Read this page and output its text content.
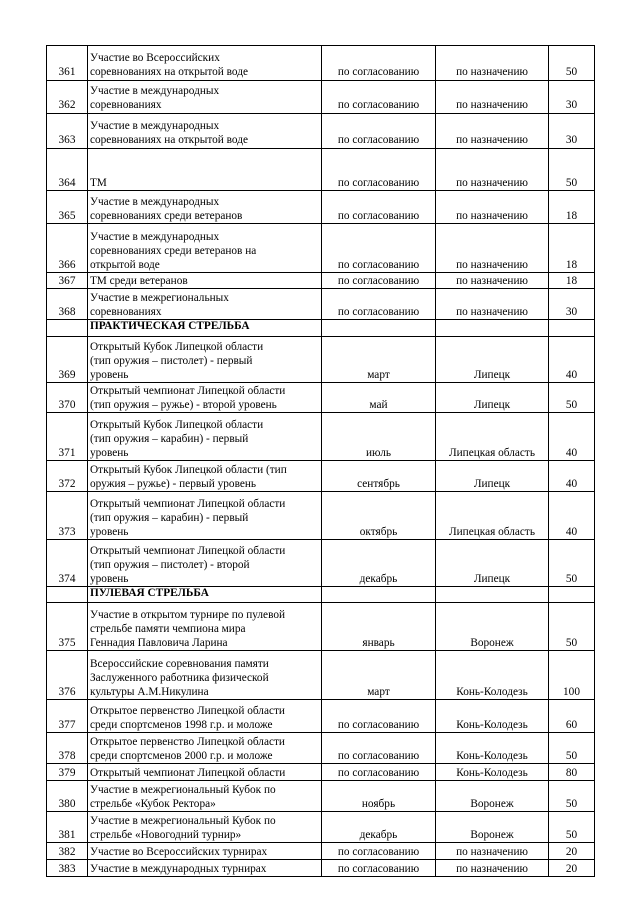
361	Участие во Всероссийских
соревнованиях на открытой воде	по согласованию	по назначению	50
362	Участие в международных
соревнованиях	по согласованию	по назначению	30
363	Участие в международных
соревнованиях на открытой воде	по согласованию	по назначению	30
364	

ТМ	по согласованию	по назначению	50
365	Участие в международных
соревнованиях среди ветеранов	по согласованию	по назначению	18
366	Участие в международных
соревнованиях среди ветеранов на
открытой воде	по согласованию	по назначению	18
367	ТМ среди ветеранов	по согласованию	по назначению	18
368	Участие в межрегиональных
соревнованиях	по согласованию	по назначению	30
	ПРАКТИЧЕСКАЯ СТРЕЛЬБА			
369	Открытый Кубок Липецкой области
(тип оружия – пистолет) - первый
уровень	март	Липецк	40
370	Открытый чемпионат Липецкой области
(тип оружия – ружье) - второй уровень	май	Липецк	50
371	Открытый Кубок Липецкой области
(тип оружия – карабин) - первый
уровень	июль	Липецкая область	40
372	Открытый Кубок Липецкой области (тип
оружия – ружье) - первый уровень	сентябрь	Липецк	40
373	Открытый чемпионат Липецкой области
(тип оружия – карабин) - первый
уровень	октябрь	Липецкая область	40
374	Открытый чемпионат Липецкой области
(тип оружия – пистолет) - второй
уровень	декабрь	Липецк	50
	ПУЛЕВАЯ СТРЕЛЬБА			
375	Участие в открытом турнире по пулевой
стрельбе памяти чемпиона мира
Геннадия Павловича Ларина	январь	Воронеж	50
376	Всероссийские соревнования памяти
Заслуженного работника физической
культуры А.М.Никулина	март	Конь-Колодезь	100
377	Открытое первенство Липецкой области
среди спортсменов 1998 г.р. и моложе	по согласованию	Конь-Колодезь	60
378	Открытое первенство Липецкой области
среди спортсменов 2000 г.р. и моложе	по согласованию	Конь-Колодезь	50
379	Открытый чемпионат Липецкой области	по согласованию	Конь-Колодезь	80
380	Участие в межрегиональный Кубок по
стрельбе «Кубок Ректора»	ноябрь	Воронеж	50
381	Участие в межрегиональный Кубок по
стрельбе «Новогодний турнир»	декабрь	Воронеж	50
382	Участие во Всероссийских турнирах	по согласованию	по назначению	20
383	Участие в международных турнирах	по согласованию	по назначению	20
